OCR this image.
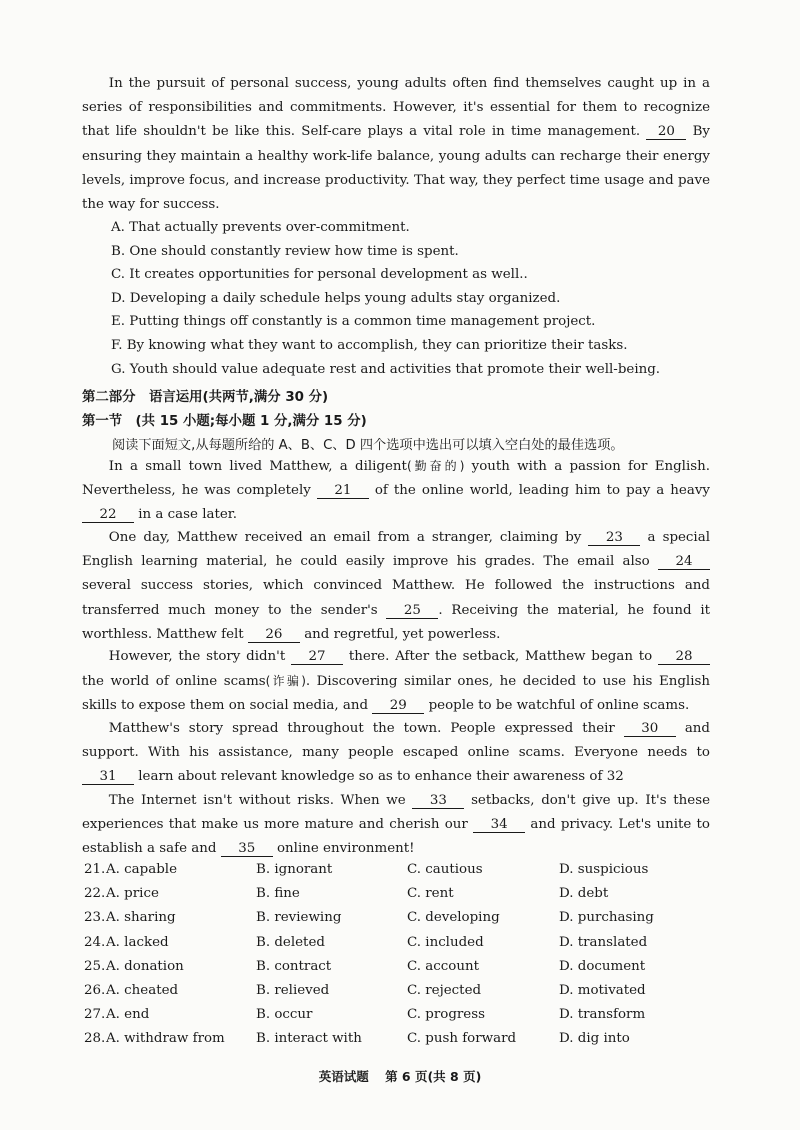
In the pursuit of personal success, young adults often find themselves caught up in a series of responsibilities and commitments. However, it's essential for them to recognize that life shouldn't be like this. Self-care plays a vital role in time management. 20 By ensuring they maintain a healthy work-life balance, young adults can recharge their energy levels, improve focus, and increase productivity. That way, they perfect time usage and pave the way for success.
A. That actually prevents over-commitment.
B. One should constantly review how time is spent.
C. It creates opportunities for personal development as well..
D. Developing a daily schedule helps young adults stay organized.
E. Putting things off constantly is a common time management project.
F. By knowing what they want to accomplish, they can prioritize their tasks.
G. Youth should value adequate rest and activities that promote their well-being.
第二部分　语言运用(共两节,满分 30 分)
第一节　(共 15 小题;每小题 1 分,满分 15 分)
阅读下面短文,从每题所给的 A、B、C、D 四个选项中选出可以填入空白处的最佳选项。
In a small town lived Matthew, a diligent(勤奋的) youth with a passion for English. Nevertheless, he was completely 21 of the online world, leading him to pay a heavy 22 in a case later.
One day, Matthew received an email from a stranger, claiming by 23 a special English learning material, he could easily improve his grades. The email also 24 several success stories, which convinced Matthew. He followed the instructions and transferred much money to the sender's 25 . Receiving the material, he found it worthless. Matthew felt 26 and regretful, yet powerless.
However, the story didn't 27 there. After the setback, Matthew began to 28 the world of online scams(诈骗). Discovering similar ones, he decided to use his English skills to expose them on social media, and 29 people to be watchful of online scams.
Matthew's story spread throughout the town. People expressed their 30 and support. With his assistance, many people escaped online scams. Everyone needs to 31 learn about relevant knowledge so as to enhance their awareness of 32
The Internet isn't without risks. When we 33 setbacks, don't give up. It's these experiences that make us more mature and cherish our 34 and privacy. Let's unite to establish a safe and 35 online environment!
21. A. capable	B. ignorant	C. cautious	D. suspicious
22. A. price	B. fine	C. rent	D. debt
23. A. sharing	B. reviewing	C. developing	D. purchasing
24. A. lacked	B. deleted	C. included	D. translated
25. A. donation	B. contract	C. account	D. document
26. A. cheated	B. relieved	C. rejected	D. motivated
27. A. end	B. occur	C. progress	D. transform
28. A. withdraw from B. interact with	C. push forward	D. dig into
英语试题 第 6 页(共 8 页)
